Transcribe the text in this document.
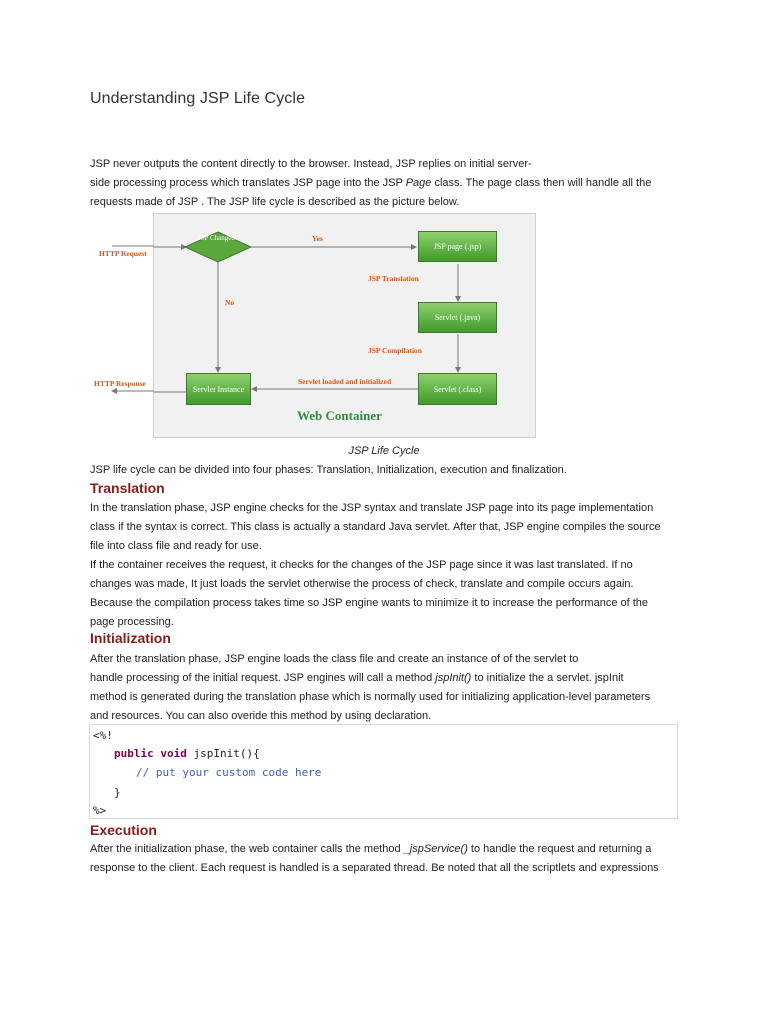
Understanding JSP Life Cycle
JSP never outputs the content directly to the browser. Instead, JSP replies on initial server-
side processing process which translates JSP page into the JSP Page class. The page class then will handle all the
requests made of JSP . The JSP life cycle is described as the picture below.
JSP Changed?	Yes
No
JSP page (.jsp)
JSP Translation
Servlet (.java)
JSP Compilation
Servlet (.class)
Servlet loaded and initialized
Servlet Instance
Web Container
HTTP Request
HTTP Response
JSP Life Cycle
JSP life cycle can be divided into four phases: Translation, Initialization, execution and finalization.
Translation
In the translation phase, JSP engine checks for the JSP syntax and translate JSP page into its page implementation
class if the syntax is correct. This class is actually a standard Java servlet. After that, JSP engine compiles the source
file into class file and ready for use.
If the container receives the request, it checks for the changes of the JSP page since it was last translated. If no
changes was made, It just loads the servlet otherwise the process of check, translate and compile occurs again.
Because the compilation process takes time so JSP engine wants to minimize it to increase the performance of the
page processing.
Initialization
After the translation phase, JSP engine loads the class file and create an instance of of the servlet to
handle processing of the initial request. JSP engines will call a method jspInit() to initialize the a servlet. jspInit
method is generated during the translation phase which is normally used for initializing application-level parameters
and resources. You can also overide this method by using declaration.
<%!
public void jspInit(){
// put your custom code here
}
%>
Execution
After the initialization phase, the web container calls the method _jspService() to handle the request and returning a
response to the client. Each request is handled is a separated thread. Be noted that all the scriptlets and expressions
